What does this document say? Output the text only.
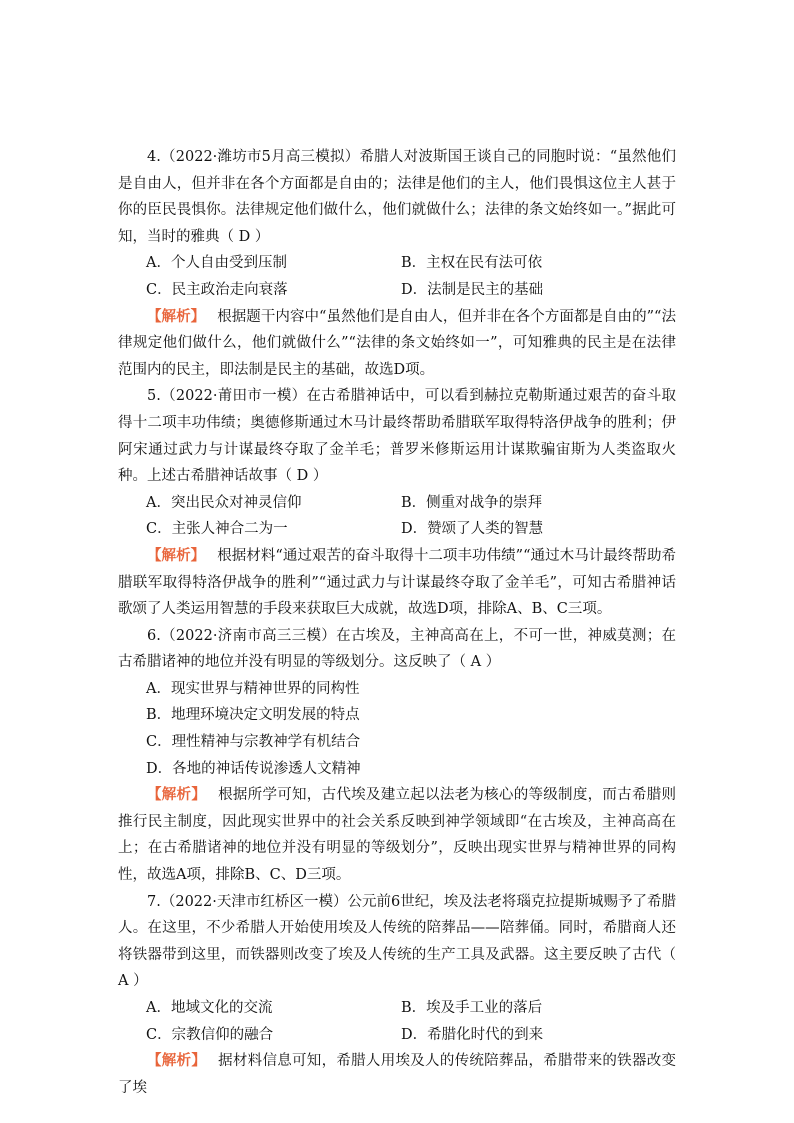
4.（2022·潍坊市5月高三模拟）希腊人对波斯国王谈自己的同胞时说：“虽然他们是自由人，但并非在各个方面都是自由的；法律是他们的主人，他们畏惧这位主人甚于你的臣民畏惧你。法律规定他们做什么，他们就做什么；法律的条文始终如一。”据此可知，当时的雅典（ D ）

A．个人自由受到压制	B．主权在民有法可依
C．民主政治走向衰落	D．法制是民主的基础

【解析】 根据题干内容中“虽然他们是自由人，但并非在各个方面都是自由的”“法律规定他们做什么，他们就做什么”“法律的条文始终如一”，可知雅典的民主是在法律范围内的民主，即法制是民主的基础，故选D项。

5.（2022·莆田市一模）在古希腊神话中，可以看到赫拉克勒斯通过艰苦的奋斗取得十二项丰功伟绩；奥德修斯通过木马计最终帮助希腊联军取得特洛伊战争的胜利；伊阿宋通过武力与计谋最终夺取了金羊毛；普罗米修斯运用计谋欺骗宙斯为人类盗取火种。上述古希腊神话故事（ D ）

A．突出民众对神灵信仰	B．侧重对战争的崇拜
C．主张人神合二为一	D．赞颂了人类的智慧

【解析】 根据材料“通过艰苦的奋斗取得十二项丰功伟绩”“通过木马计最终帮助希腊联军取得特洛伊战争的胜利”“通过武力与计谋最终夺取了金羊毛”，可知古希腊神话歌颂了人类运用智慧的手段来获取巨大成就，故选D项，排除A、B、C三项。

6.（2022·济南市高三三模）在古埃及，主神高高在上，不可一世，神威莫测；在古希腊诸神的地位并没有明显的等级划分。这反映了（ A ）

A．现实世界与精神世界的同构性
B．地理环境决定文明发展的特点
C．理性精神与宗教神学有机结合
D．各地的神话传说渗透人文精神

【解析】 根据所学可知，古代埃及建立起以法老为核心的等级制度，而古希腊则推行民主制度，因此现实世界中的社会关系反映到神学领域即“在古埃及，主神高高在上；在古希腊诸神的地位并没有明显的等级划分”，反映出现实世界与精神世界的同构性，故选A项，排除B、C、D三项。

7.（2022·天津市红桥区一模）公元前6世纪，埃及法老将瑙克拉提斯城赐予了希腊人。在这里，不少希腊人开始使用埃及人传统的陪葬品——陪葬俑。同时，希腊商人还将铁器带到这里，而铁器则改变了埃及人传统的生产工具及武器。这主要反映了古代（ A ）

A．地域文化的交流	B．埃及手工业的落后
C．宗教信仰的融合	D．希腊化时代的到来

【解析】 据材料信息可知，希腊人用埃及人的传统陪葬品，希腊带来的铁器改变了埃
